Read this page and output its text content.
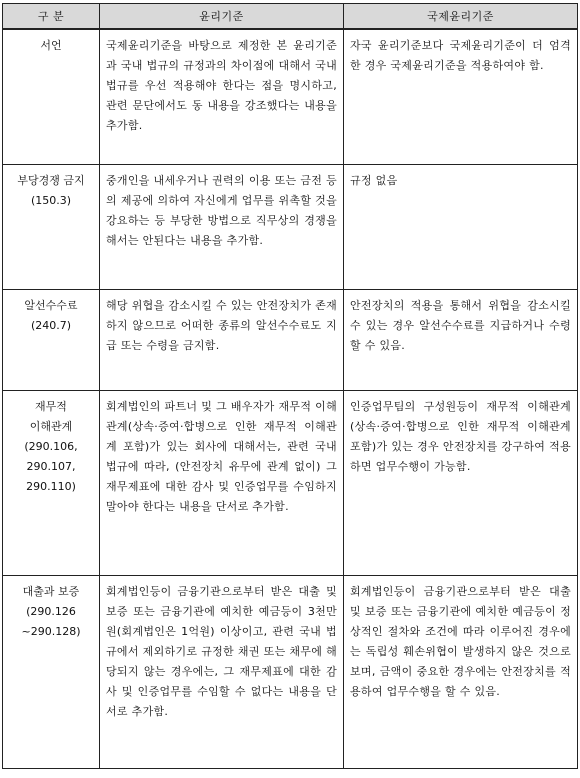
구 분	윤리기준	국제윤리기준
서언	국제윤리기준을 바탕으로 제정한 본 윤리기준과 국내 법규의 규정과의 차이점에 대해서 국내 법규를 우선 적용해야 한다는 점을 명시하고, 관련 문단에서도 동 내용을 강조했다는 내용을 추가함.	자국 윤리기준보다 국제윤리기준이 더 엄격한 경우 국제윤리기준을 적용하여야 함.
부당경쟁 금지
(150.3)	중개인을 내세우거나 권력의 이용 또는 금전 등의 제공에 의하여 자신에게 업무를 위촉할 것을 강요하는 등 부당한 방법으로 직무상의 경쟁을 해서는 안된다는 내용을 추가함.	규정 없음
알선수수료
(240.7)	해당 위협을 감소시킬 수 있는 안전장치가 존재하지 않으므로 어떠한 종류의 알선수수료도 지급 또는 수령을 금지함.	안전장치의 적용을 통해서 위협을 감소시킬 수 있는 경우 알선수수료를 지급하거나 수령할 수 있음.
재무적
이해관계
(290.106,
290.107,
290.110)	회계법인의 파트너 및 그 배우자가 재무적 이해관계(상속·증여·합병으로 인한 재무적 이해관계 포함)가 있는 회사에 대해서는, 관련 국내 법규에 따라, (안전장치 유무에 관계 없이) 그 재무제표에 대한 감사 및 인증업무를 수임하지 말아야 한다는 내용을 단서로 추가함.	인증업무팀의 구성원등이 재무적 이해관계(상속·증여·합병으로 인한 재무적 이해관계 포함)가 있는 경우 안전장치를 강구하여 적용하면 업무수행이 가능함.
대출과 보증
(290.126
~290.128)	회계법인등이 금융기관으로부터 받은 대출 및 보증 또는 금융기관에 예치한 예금등이 3천만원(회계법인은 1억원) 이상이고, 관련 국내 법규에서 제외하기로 규정한 채권 또는 채무에 해당되지 않는 경우에는, 그 재무제표에 대한 감사 및 인증업무를 수임할 수 없다는 내용을 단서로 추가함.	회계법인등이 금융기관으로부터 받은 대출 및 보증 또는 금융기관에 예치한 예금등이 정상적인 절차와 조건에 따라 이루어진 경우에는 독립성 훼손위협이 발생하지 않은 것으로 보며, 금액이 중요한 경우에는 안전장치를 적용하여 업무수행을 할 수 있음.
